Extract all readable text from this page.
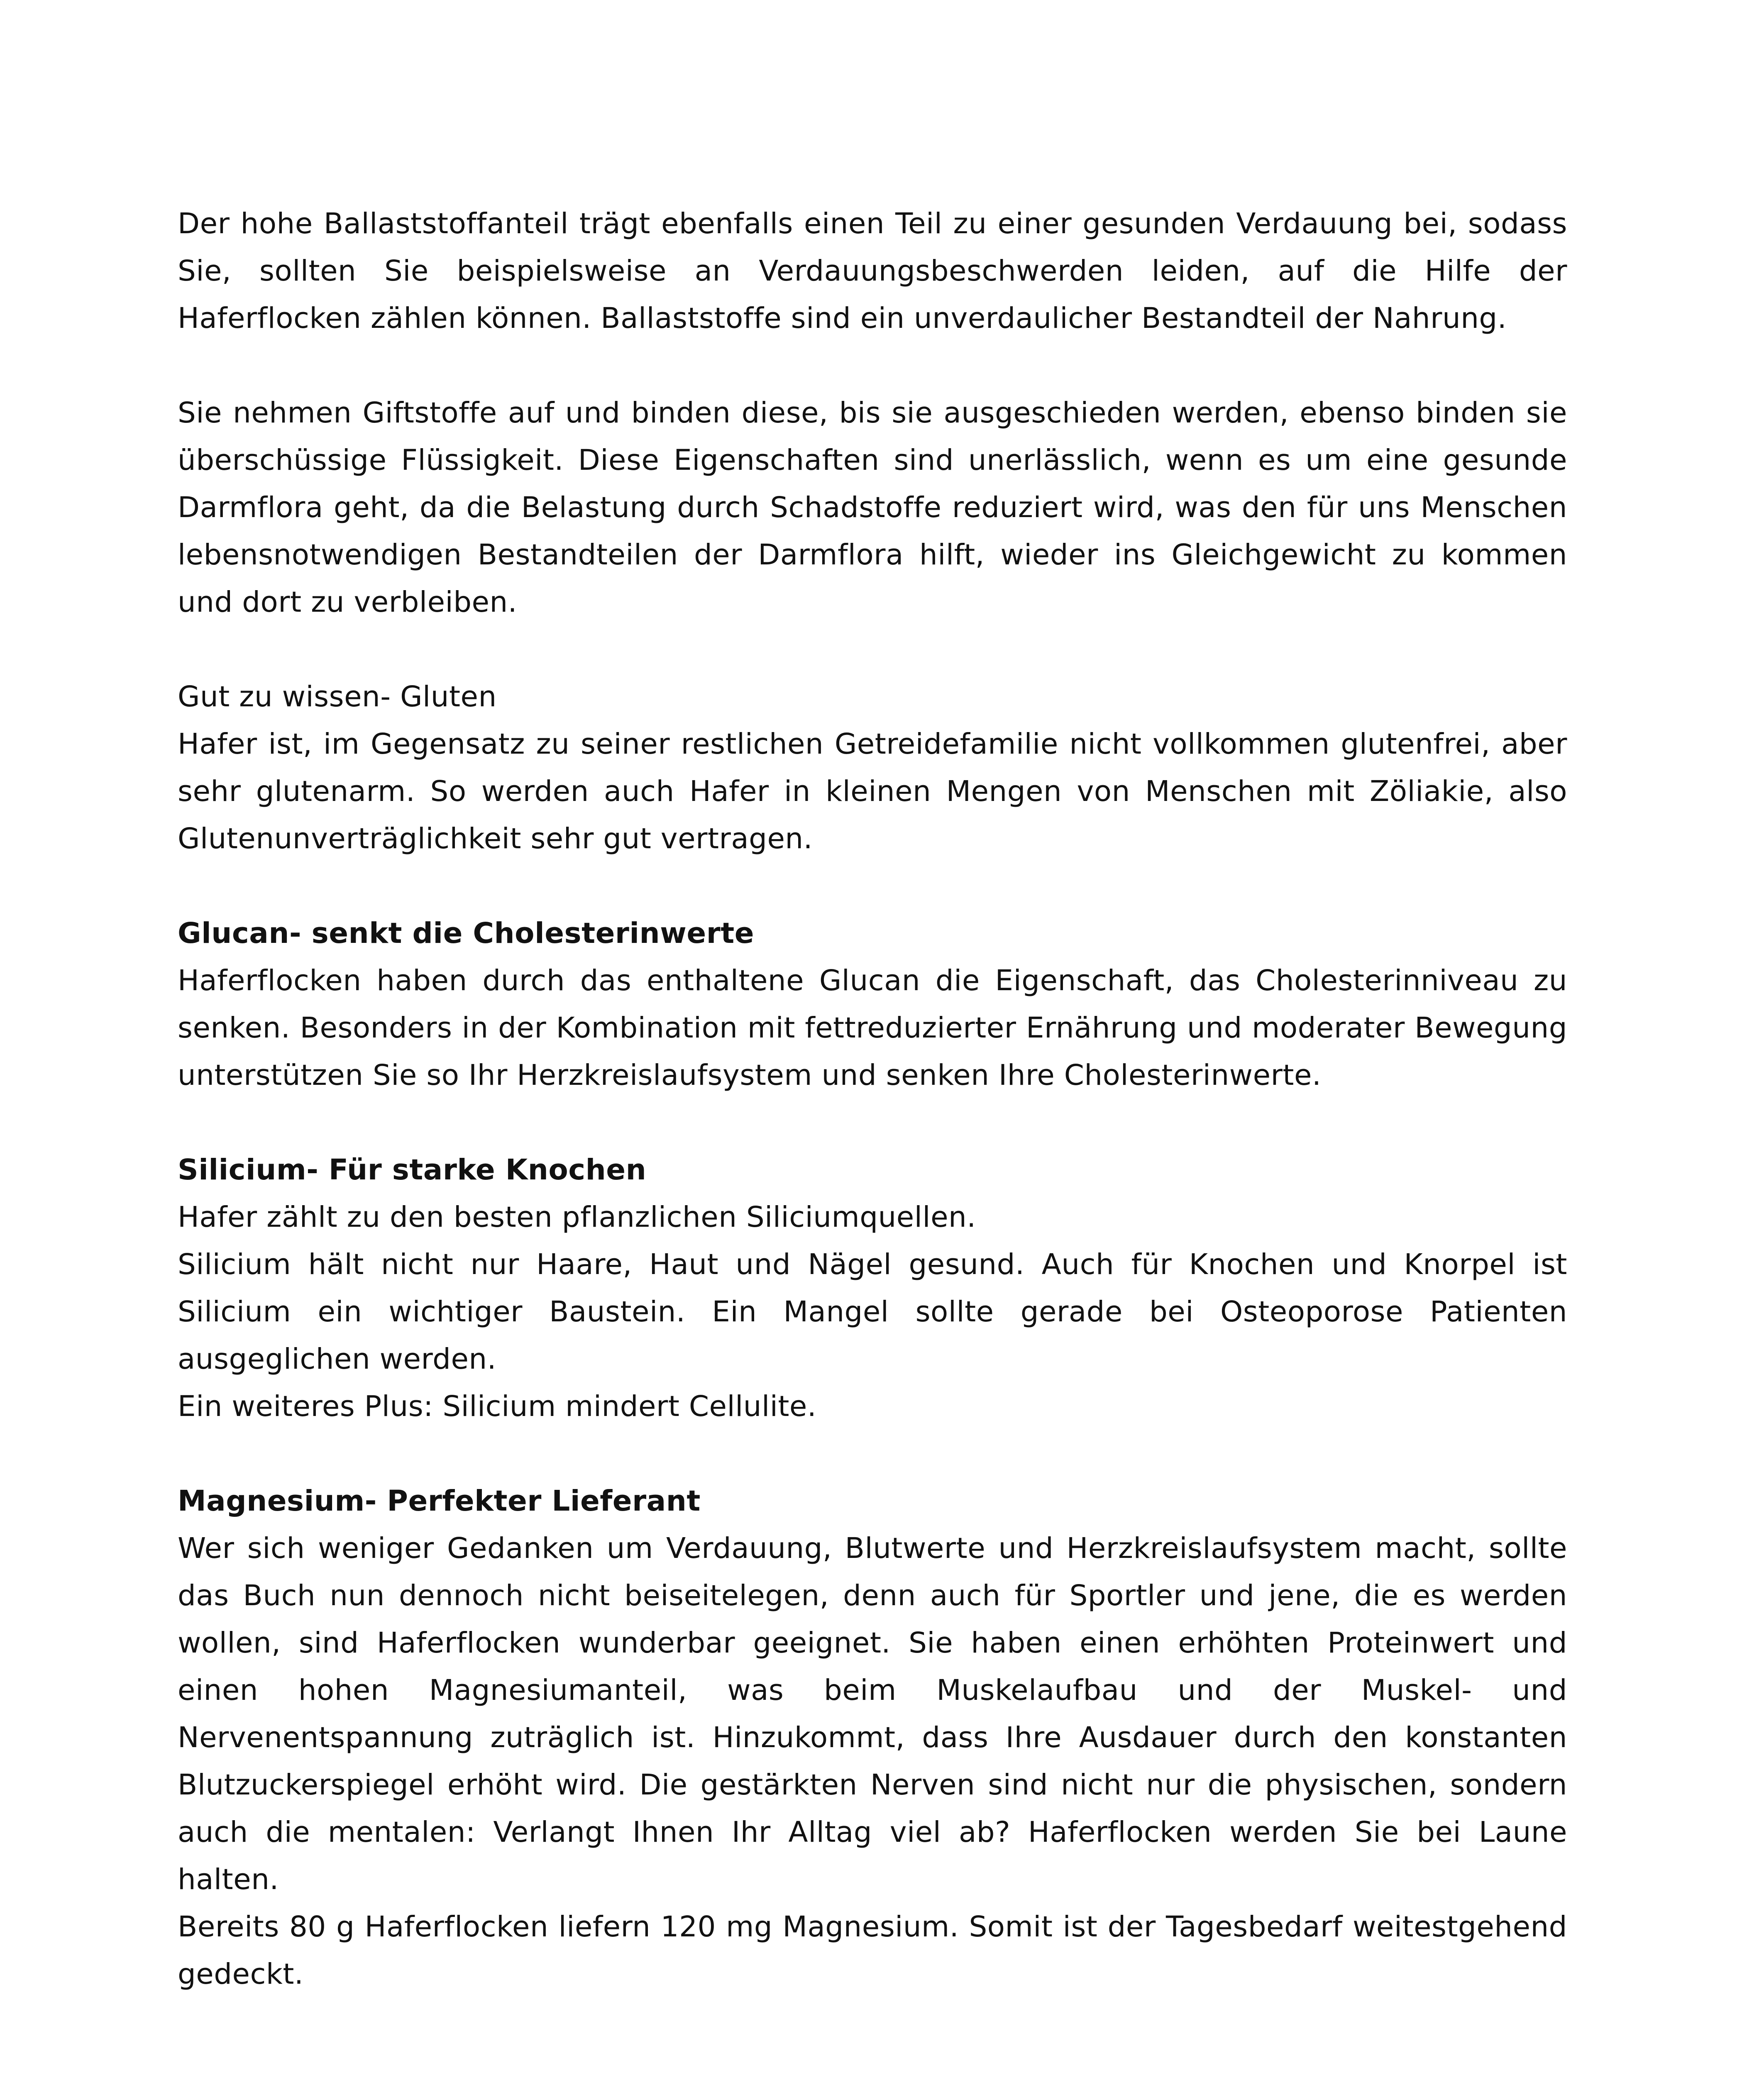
Der hohe Ballaststoffanteil trägt ebenfalls einen Teil zu einer gesunden Verdauung bei, sodass Sie, sollten Sie beispielsweise an Verdauungsbeschwerden leiden, auf die Hilfe der Haferflocken zählen können. Ballaststoffe sind ein unverdaulicher Bestandteil der Nahrung.

Sie nehmen Giftstoffe auf und binden diese, bis sie ausgeschieden werden, ebenso binden sie überschüssige Flüssigkeit. Diese Eigenschaften sind unerlässlich, wenn es um eine gesunde Darmflora geht, da die Belastung durch Schadstoffe reduziert wird, was den für uns Menschen lebensnotwendigen Bestandteilen der Darmflora hilft, wieder ins Gleichgewicht zu kommen und dort zu verbleiben.

Gut zu wissen- Gluten

Hafer ist, im Gegensatz zu seiner restlichen Getreidefamilie nicht vollkommen glutenfrei, aber sehr glutenarm. So werden auch Hafer in kleinen Mengen von Menschen mit Zöliakie, also Glutenunverträglichkeit sehr gut vertragen.

Glucan- senkt die Cholesterinwerte

Haferflocken haben durch das enthaltene Glucan die Eigenschaft, das Cholesterinniveau zu senken. Besonders in der Kombination mit fettreduzierter Ernährung und moderater Bewegung unterstützen Sie so Ihr Herzkreislaufsystem und senken Ihre Cholesterinwerte.

Silicium- Für starke Knochen

Hafer zählt zu den besten pflanzlichen Siliciumquellen.

Silicium hält nicht nur Haare, Haut und Nägel gesund. Auch für Knochen und Knorpel ist Silicium ein wichtiger Baustein. Ein Mangel sollte gerade bei Osteoporose Patienten ausgeglichen werden.

Ein weiteres Plus: Silicium mindert Cellulite.

Magnesium- Perfekter Lieferant

Wer sich weniger Gedanken um Verdauung, Blutwerte und Herzkreislaufsystem macht, sollte das Buch nun dennoch nicht beiseitelegen, denn auch für Sportler und jene, die es werden wollen, sind Haferflocken wunderbar geeignet. Sie haben einen erhöhten Proteinwert und einen hohen Magnesiumanteil, was beim Muskelaufbau und der Muskel- und Nervenentspannung zuträglich ist. Hinzukommt, dass Ihre Ausdauer durch den konstanten Blutzuckerspiegel erhöht wird. Die gestärkten Nerven sind nicht nur die physischen, sondern auch die mentalen: Verlangt Ihnen Ihr Alltag viel ab? Haferflocken werden Sie bei Laune halten.

Bereits 80 g Haferflocken liefern 120 mg Magnesium. Somit ist der Tagesbedarf weitestgehend gedeckt.
